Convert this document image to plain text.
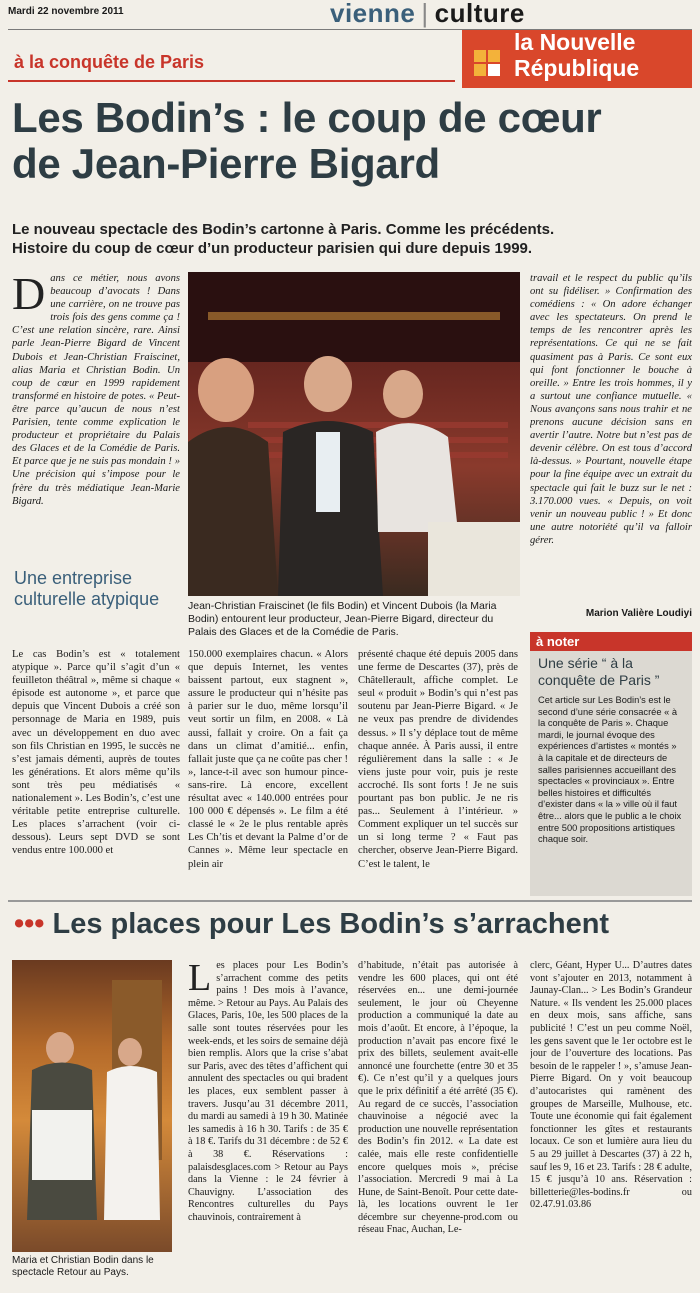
Mardi 22 novembre 2011	vienne | culture
à la conquête de Paris
la Nouvelle
République
Les Bodin’s : le coup de cœur
de Jean-Pierre Bigard
Le nouveau spectacle des Bodin’s cartonne à Paris. Comme les précédents.
Histoire du coup de cœur d’un producteur parisien qui dure depuis 1999.
D ans ce métier, nous avons beaucoup d’avocats ! Dans une carrière, on ne trouve pas trois fois des gens comme ça ! C’est une relation sincère, rare. Ainsi parle Jean-Pierre Bigard de Vincent Dubois et Jean-Christian Fraiscinet, alias Maria et Christian Bodin. Un coup de cœur en 1999 rapidement transformé en histoire de potes. « Peut-être parce qu’aucun de nous n’est Parisien, tente comme explication le producteur et propriétaire du Palais des Glaces et de la Comédie de Paris. Et parce que je ne suis pas mondain ! » Une précision qui s’impose pour le frère du très médiatique Jean-Marie Bigard.

Une entreprise culturelle atypique	Jean-Christian Fraiscinet (le fils Bodin) et Vincent Dubois (la Maria Bodin) entourent leur producteur, Jean-Pierre Bigard, directeur du Palais des Glaces et de la Comédie de Paris.

travail et le respect du public qu’ils ont su fidéliser. » Confirmation des comédiens : « On adore échanger avec les spectateurs. On prend le temps de les rencontrer après les représentations. Ce qui ne se fait quasiment pas à Paris. Ce sont eux qui font fonctionner le bouche à oreille. » Entre les trois hommes, il y a surtout une confiance mutuelle. « Nous avançons sans nous trahir et ne prenons aucune décision sans en avertir l’autre. Notre but n’est pas de devenir célèbre. On est tous d’accord là-dessus. » Pourtant, nouvelle étape pour la fine équipe avec un extrait du spectacle qui fait le buzz sur le net : 3.170.000 vues. « Depuis, on voit venir un nouveau public ! » Et donc une autre notoriété qu’il va falloir gérer.

Marion Valière Loudiyi

Le cas Bodin’s est « totalement atypique ». Parce qu’il s’agit d’un « feuilleton théâtral », même si chaque « épisode est autonome », et parce que depuis que Vincent Dubois a créé son personnage de Maria en 1989, puis avec un développement en duo avec son fils Christian en 1995, le succès ne s’est jamais démenti, auprès de toutes les générations. Et alors même qu’ils sont très peu médiatisés « nationalement ». Les Bodin’s, c’est une véritable petite entreprise culturelle. Les places s’arrachent (voir ci-dessous). Leurs sept DVD se sont vendus entre 100.000 et

150.000 exemplaires chacun. « Alors que depuis Internet, les ventes baissent partout, eux stagnent », assure le producteur qui n’hésite pas à parier sur le duo, même lorsqu’il veut sortir un film, en 2008. « Là aussi, fallait y croire. On a fait ça dans un climat d’amitié... enfin, fallait juste que ça ne coûte pas cher ! », lance-t-il avec son humour pince-sans-rire. Là encore, excellent résultat avec « 140.000 entrées pour 100 000 € dépensés ». Le film a été classé le « 2e le plus rentable après Les Ch’tis et devant la Palme d’or de Cannes ». Même leur spectacle en plein air

présenté chaque été depuis 2005 dans une ferme de Descartes (37), près de Châtellerault, affiche complet. Le seul « produit » Bodin’s qui n’est pas soutenu par Jean-Pierre Bigard. « Je ne veux pas prendre de dividendes dessus. » Il s’y déplace tout de même chaque année. À Paris aussi, il entre régulièrement dans la salle : « Je viens juste pour voir, puis je reste accroché. Ils sont forts ! Je ne suis pourtant pas bon public. Je ne ris pas... Seulement à l’intérieur. » Comment expliquer un tel succès sur un si long terme ? « Faut pas chercher, observe Jean-Pierre Bigard. C’est le talent, le

à noter
Une série “ à la conquête de Paris ”
Cet article sur Les Bodin’s est le second d’une série consacrée « à la conquête de Paris ». Chaque mardi, le journal évoque des expériences d’artistes « montés » à la capitale et de directeurs de salles parisiennes accueillant des spectacles « provinciaux ». Entre belles histoires et difficultés d’exister dans « la » ville où il faut être... alors que le public a le choix entre 500 propositions artistiques chaque soir.
••• Les places pour Les Bodin’s s’arrachent
Maria et Christian Bodin dans le spectacle Retour au Pays.
L es places pour Les Bodin’s s’arrachent comme des petits pains ! Des mois à l’avance, même. > Retour au Pays. Au Palais des Glaces, Paris, 10e, les 500 places de la salle sont toutes réservées pour les week-ends, et les soirs de semaine déjà bien remplis. Alors que la crise s’abat sur Paris, avec des têtes d’affichent qui annulent des spectacles ou qui bradent les places, eux semblent passer à travers. Jusqu’au 31 décembre 2011, du mardi au samedi à 19 h 30. Matinée les samedis à 16 h 30. Tarifs : de 35 € à 18 €. Tarifs du 31 décembre : de 52 € à 38 €. Réservations : palaisdesglaces.com > Retour au Pays dans la Vienne : le 24 février à Chauvigny. L’association des Rencontres culturelles du Pays chauvinois, contrairement à

d’habitude, n’était pas autorisée à vendre les 600 places, qui ont été réservées en... une demi-journée seulement, le jour où Cheyenne production a communiqué la date au mois d’août. Et encore, à l’époque, la production n’avait pas encore fixé le prix des billets, seulement avait-elle annoncé une fourchette (entre 30 et 35 €). Ce n’est qu’il y a quelques jours que le prix définitif a été arrêté (35 €). Au regard de ce succès, l’association chauvinoise a négocié avec la production une nouvelle représentation des Bodin’s fin 2012. « La date est calée, mais elle reste confidentielle encore quelques mois », précise l’association. Mercredi 9 mai à La Hune, de Saint-Benoît. Pour cette date-là, les locations ouvrent le 1er décembre sur cheyenne-prod.com ou réseau Fnac, Auchan, Le-

clerc, Géant, Hyper U... D’autres dates vont s’ajouter en 2013, notamment à Jaunay-Clan... > Les Bodin’s Grandeur Nature. « Ils vendent les 25.000 places en deux mois, sans affiche, sans publicité ! C’est un peu comme Noël, les gens savent que le 1er octobre est le jour de l’ouverture des locations. Pas besoin de le rappeler ! », s’amuse Jean-Pierre Bigard. On y voit beaucoup d’autocaristes qui ramènent des groupes de Marseille, Mulhouse, etc. Toute une économie qui fait également fonctionner les gîtes et restaurants locaux. Ce son et lumière aura lieu du 5 au 29 juillet à Descartes (37) à 22 h, sauf les 9, 16 et 23. Tarifs : 28 € adulte, 15 € jusqu’à 10 ans. Réservation : billetterie@les-bodins.fr ou 02.47.91.03.86
